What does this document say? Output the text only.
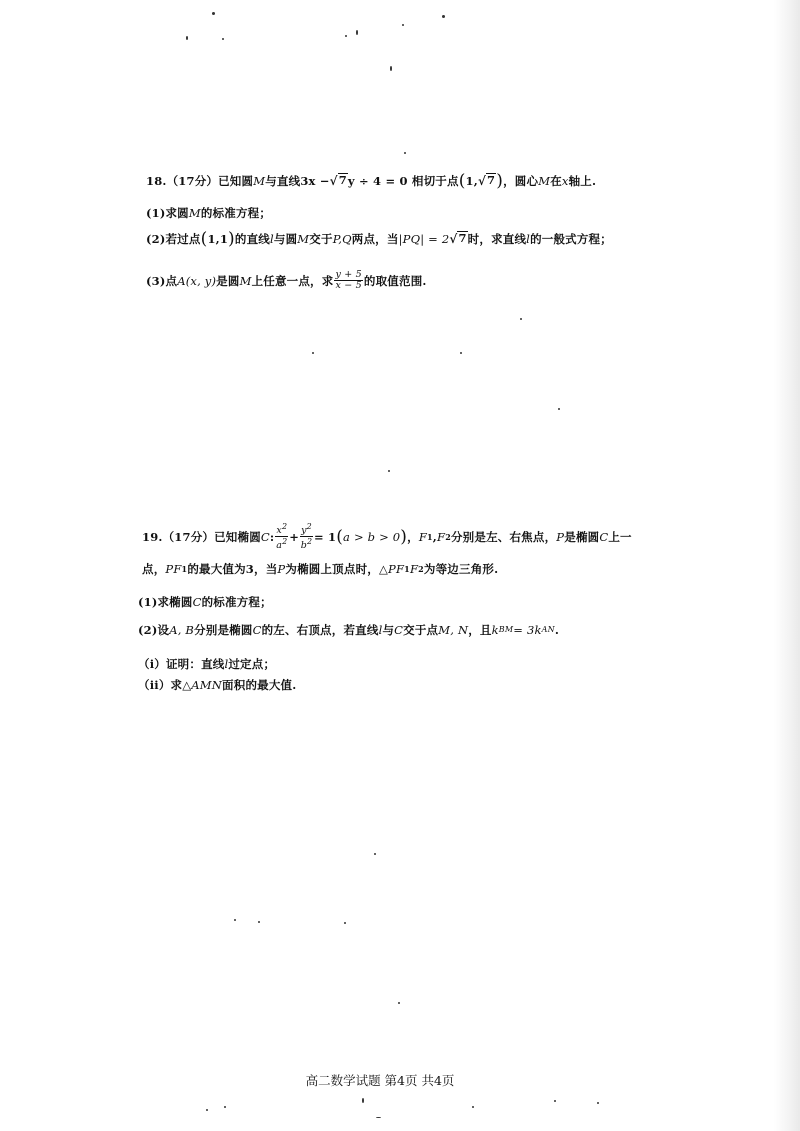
18.（17分）已知圆 M 与直线 3x − √ 7 y ÷ 4 = 0 相切于点 ( 1, √ 7 ) ，圆心 M 在 x 轴上.
(1)求圆 M 的标准方程；
(2)若过点 ( 1,1 ) 的直线 l 与圆 M 交于 P,Q 两点，当 |PQ| = 2 √ 7 时，求直线 l 的一般式方程；
(3)点 A(x, y) 是圆 M 上任意一点，求 $\frac{y + 5}{x - 5}$ 的取值范围.
19.（17分）已知椭圆 C : $\frac{x^2}{a^2} + \frac{y^2}{b^2} = 1$ ( a > b > 0 ) ， F 1 , F 2 分别是左、右焦点， P 是椭圆 C 上一
点， PF 1 的最大值为3，当 P 为椭圆上顶点时， △ PF 1 F 2 为等边三角形.
(1)求椭圆 C 的标准方程；
(2)设 A, B 分别是椭圆 C 的左、右顶点，若直线 l 与 C 交于点 M, N ，且 k BM = 3k AN .
（i）证明：直线 l 过定点；
（ii）求 △ AMN 面积的最大值.
高二数学试题 第4页 共4页
